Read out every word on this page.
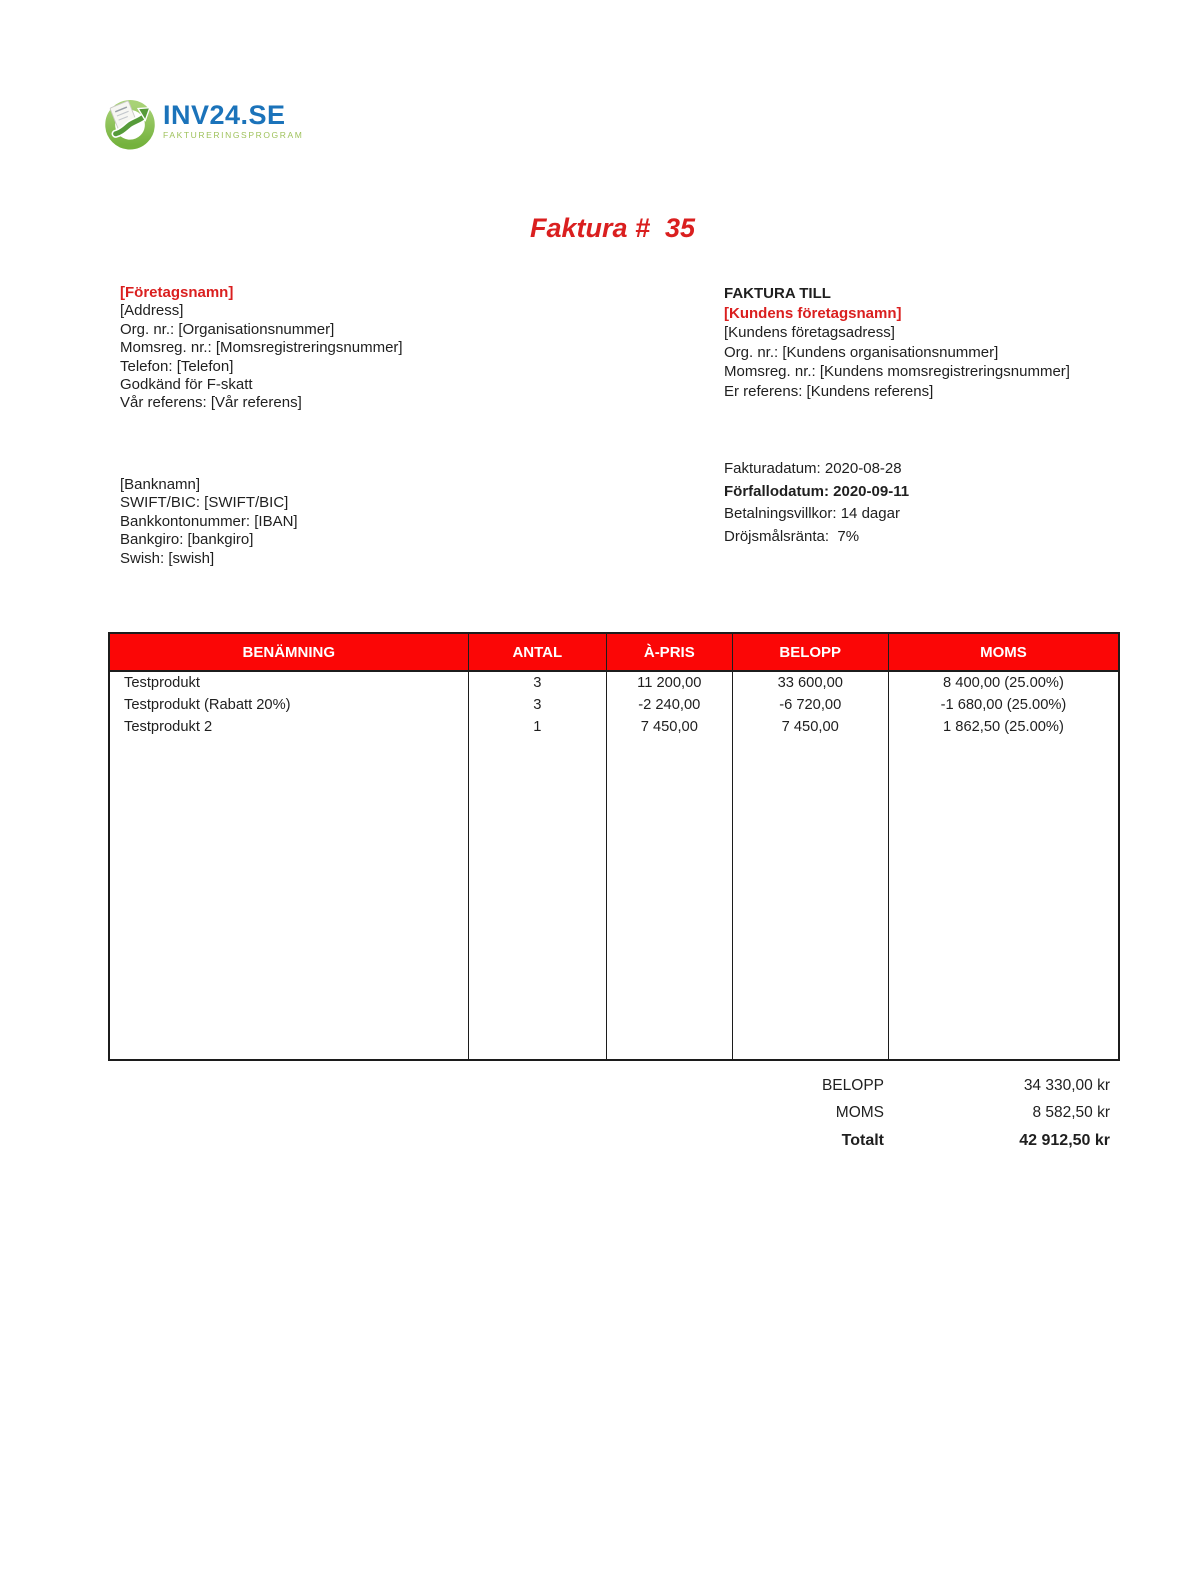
INV24.SE
FAKTURERINGSPROGRAM
Faktura #  35
[Företagsnamn]
[Address]
Org. nr.: [Organisationsnummer]
Momsreg. nr.: [Momsregistreringsnummer]
Telefon: [Telefon]
Godkänd för F-skatt
Vår referens: [Vår referens]
FAKTURA TILL
[Kundens företagsnamn]
[Kundens företagsadress]
Org. nr.: [Kundens organisationsnummer]
Momsreg. nr.: [Kundens momsregistreringsnummer]
Er referens: [Kundens referens]
[Banknamn]
SWIFT/BIC: [SWIFT/BIC]
Bankkontonummer: [IBAN]
Bankgiro: [bankgiro]
Swish: [swish]
Fakturadatum: 2020-08-28
Förfallodatum: 2020-09-11
Betalningsvillkor: 14 dagar
Dröjsmålsränta:  7%
BENÄMNING	ANTAL	À-PRIS	BELOPP	MOMS
Testprodukt	3	11 200,00	33 600,00	8 400,00 (25.00%)
Testprodukt (Rabatt 20%)	3	-2 240,00	-6 720,00	-1 680,00 (25.00%)
Testprodukt 2	1	7 450,00	7 450,00	1 862,50 (25.00%)
BELOPP	34 330,00 kr
MOMS	8 582,50 kr
Totalt	42 912,50 kr
